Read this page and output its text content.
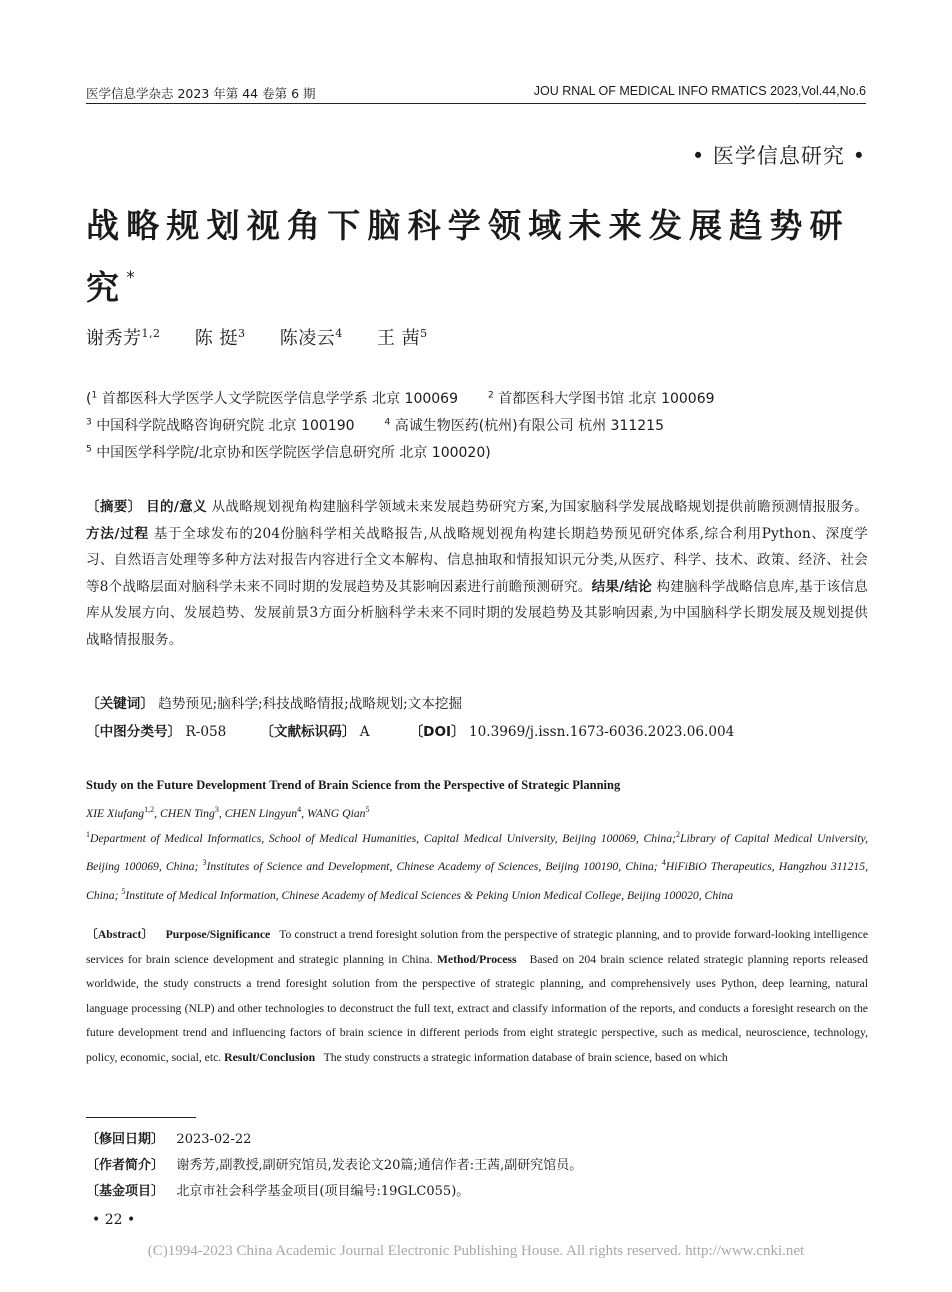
医学信息学杂志 2023 年第 44 卷第 6 期	JOU RNAL OF MEDICAL INFO RMATICS 2023,Vol.44,No.6
• 医学信息研究 •
战略规划视角下脑科学领域未来发展趋势研究*
谢秀芳$^{1,2}$ 陈 挺$^3$ 陈凌云$^4$ 王 茜$^5$
($^1$ 首都医科大学医学人文学院医学信息学学系 北京 100069	$^2$ 首都医科大学图书馆 北京 100069
$^3$ 中国科学院战略咨询研究院 北京 100190	$^4$ 高诚生物医药(杭州)有限公司 杭州 311215
$^5$ 中国医学科学院/北京协和医学院医学信息研究所 北京 100020)

〔摘要〕 目的/意义 从战略规划视角构建脑科学领域未来发展趋势研究方案,为国家脑科学发展战略规划提供前瞻预测情报服务。方法/过程 基于全球发布的204份脑科学相关战略报告,从战略规划视角构建长期趋势预见研究体系,综合利用Python、深度学习、自然语言处理等多种方法对报告内容进行全文本解构、信息抽取和情报知识元分类,从医疗、科学、技术、政策、经济、社会等8个战略层面对脑科学未来不同时期的发展趋势及其影响因素进行前瞻预测研究。结果/结论 构建脑科学战略信息库,基于该信息库从发展方向、发展趋势、发展前景3方面分析脑科学未来不同时期的发展趋势及其影响因素,为中国脑科学长期发展及规划提供战略情报服务。

〔关键词〕 趋势预见;脑科学;科技战略情报;战略规划;文本挖掘
〔中图分类号〕 R-058	〔文献标识码〕 A	〔DOI〕 10.3969/j.issn.1673-6036.2023.06.004
Study on the Future Development Trend of Brain Science from the Perspective of Strategic Planning
XIE Xiufang$^{1,2}$, CHEN Ting$^3$, CHEN Lingyun$^4$, WANG Qian$^5$

$^1$Department of Medical Informatics, School of Medical Humanities, Capital Medical University, Beijing 100069, China;$^2$Library of Capital Medical University, Beijing 100069, China; $^3$Institutes of Science and Development, Chinese Academy of Sciences, Beijing 100190, China; $^4$HiFiBiO Therapeutics, Hangzhou 311215, China; $^5$Institute of Medical Information, Chinese Academy of Medical Sciences & Peking Union Medical College, Beijing 100020, China

〔Abstract〕 Purpose/Significance To construct a trend foresight solution from the perspective of strategic planning, and to provide forward-looking intelligence services for brain science development and strategic planning in China. Method/Process Based on 204 brain science related strategic planning reports released worldwide, the study constructs a trend foresight solution from the perspective of strategic planning, and comprehensively uses Python, deep learning, natural language processing (NLP) and other technologies to deconstruct the full text, extract and classify information of the reports, and conducts a foresight research on the future development trend and influencing factors of brain science in different periods from eight strategic perspective, such as medical, neuroscience, technology, policy, economic, social, etc. Result/Conclusion The study constructs a strategic information database of brain science, based on which

〔修回日期〕 2023-02-22
〔作者简介〕 谢秀芳,副教授,副研究馆员,发表论文20篇;通信作者:王茜,副研究馆员。
〔基金项目〕 北京市社会科学基金项目(项目编号:19GLC055)。
• 22 •
(C)1994-2023 China Academic Journal Electronic Publishing House. All rights reserved. http://www.cnki.net
